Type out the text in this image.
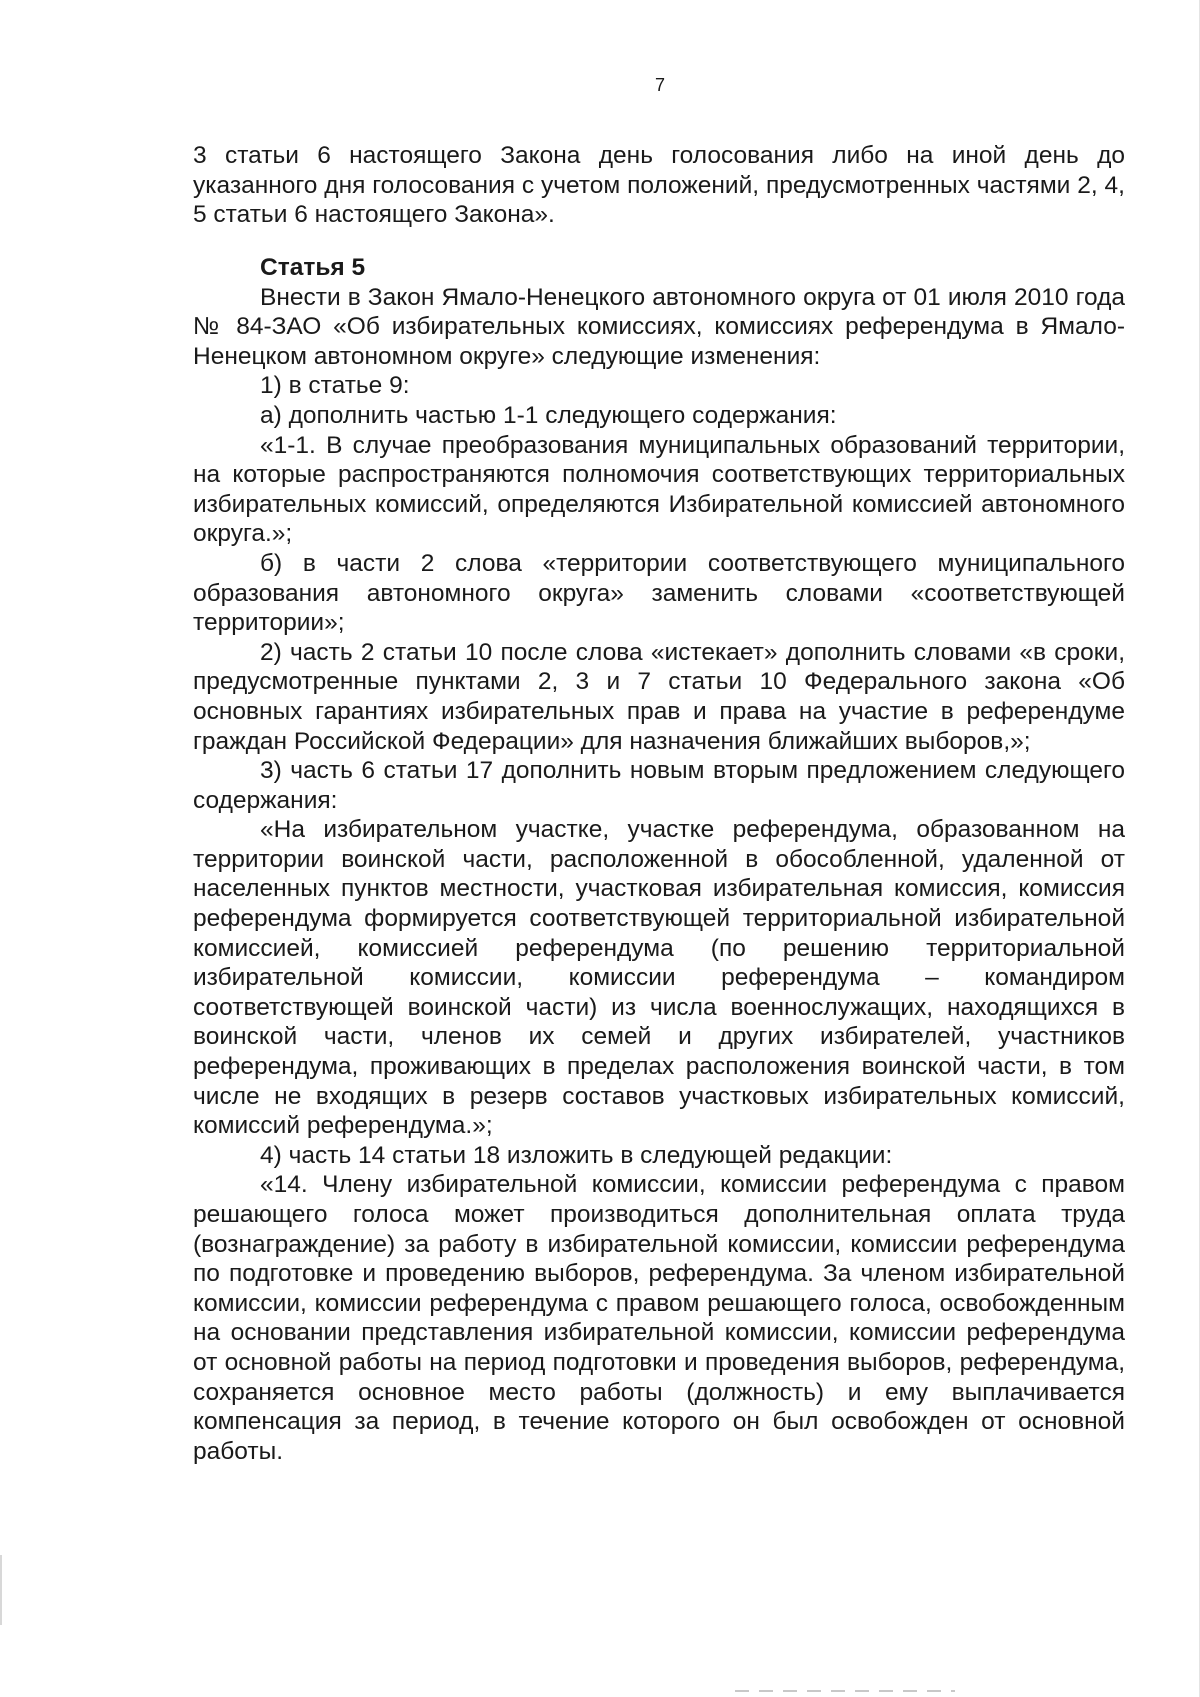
7

3 статьи 6 настоящего Закона день голосования либо на иной день до указанного дня голосования с учетом положений, предусмотренных частями 2, 4, 5 статьи 6 настоящего Закона».

Статья 5

Внести в Закон Ямало-Ненецкого автономного округа от 01 июля 2010 года № 84-ЗАО «Об избирательных комиссиях, комиссиях референдума в Ямало-Ненецком автономном округе» следующие изменения:

1) в статье 9:

а) дополнить частью 1-1 следующего содержания:

«1-1. В случае преобразования муниципальных образований территории, на которые распространяются полномочия соответствующих территориальных избирательных комиссий, определяются Избирательной комиссией автономного округа.»;

б) в части 2 слова «территории соответствующего муниципального образования автономного округа» заменить словами «соответствующей территории»;

2) часть 2 статьи 10 после слова «истекает» дополнить словами «в сроки, предусмотренные пунктами 2, 3 и 7 статьи 10 Федерального закона «Об основных гарантиях избирательных прав и права на участие в референдуме граждан Российской Федерации» для назначения ближайших выборов,»;

3) часть 6 статьи 17 дополнить новым вторым предложением следующего содержания:

«На избирательном участке, участке референдума, образованном на территории воинской части, расположенной в обособленной, удаленной от населенных пунктов местности, участковая избирательная комиссия, комиссия референдума формируется соответствующей территориальной избирательной комиссией, комиссией референдума (по решению территориальной избирательной комиссии, комиссии референдума – командиром соответствующей воинской части) из числа военнослужащих, находящихся в воинской части, членов их семей и других избирателей, участников референдума, проживающих в пределах расположения воинской части, в том числе не входящих в резерв составов участковых избирательных комиссий, комиссий референдума.»;

4) часть 14 статьи 18 изложить в следующей редакции:

«14. Члену избирательной комиссии, комиссии референдума с правом решающего голоса может производиться дополнительная оплата труда (вознаграждение) за работу в избирательной комиссии, комиссии референдума по подготовке и проведению выборов, референдума. За членом избирательной комиссии, комиссии референдума с правом решающего голоса, освобожденным на основании представления избирательной комиссии, комиссии референдума от основной работы на период подготовки и проведения выборов, референдума, сохраняется основное место работы (должность) и ему выплачивается компенсация за период, в течение которого он был освобожден от основной работы.
